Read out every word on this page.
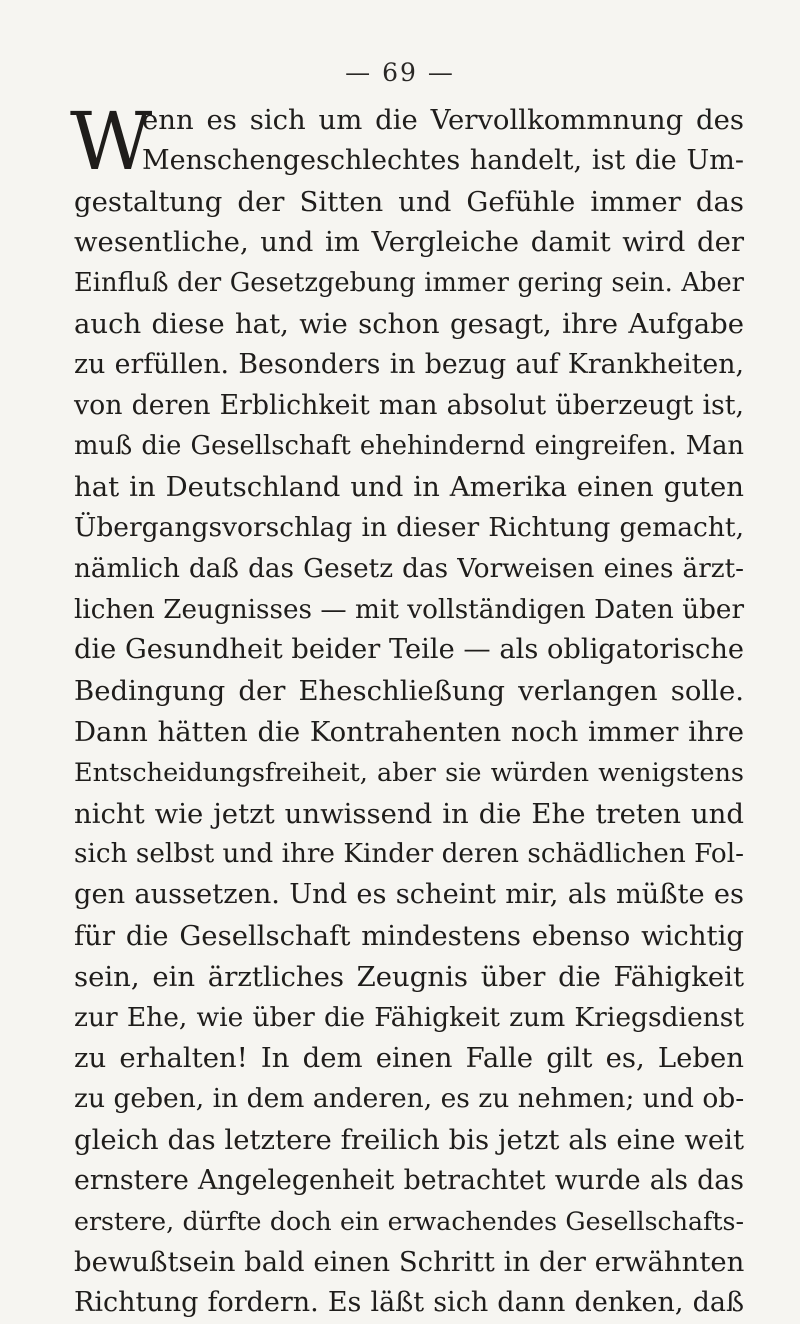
— 69 —
W
enn es sich um die Vervollkommnung des
Menschengeschlechtes handelt, ist die Um-
gestaltung der Sitten und Gefühle immer das
wesentliche, und im Vergleiche damit wird der
Einfluß der Gesetzgebung immer gering sein. Aber
auch diese hat, wie schon gesagt, ihre Aufgabe
zu erfüllen. Besonders in bezug auf Krankheiten,
von deren Erblichkeit man absolut überzeugt ist,
muß die Gesellschaft ehehindernd eingreifen. Man
hat in Deutschland und in Amerika einen guten
Übergangsvorschlag in dieser Richtung gemacht,
nämlich daß das Gesetz das Vorweisen eines ärzt-
lichen Zeugnisses — mit vollständigen Daten über
die Gesundheit beider Teile — als obligatorische
Bedingung der Eheschließung verlangen solle.
Dann hätten die Kontrahenten noch immer ihre
Entscheidungsfreiheit, aber sie würden wenigstens
nicht wie jetzt unwissend in die Ehe treten und
sich selbst und ihre Kinder deren schädlichen Fol-
gen aussetzen. Und es scheint mir, als müßte es
für die Gesellschaft mindestens ebenso wichtig
sein, ein ärztliches Zeugnis über die Fähigkeit
zur Ehe, wie über die Fähigkeit zum Kriegsdienst
zu erhalten! In dem einen Falle gilt es, Leben
zu geben, in dem anderen, es zu nehmen; und ob-
gleich das letztere freilich bis jetzt als eine weit
ernstere Angelegenheit betrachtet wurde als das
erstere, dürfte doch ein erwachendes Gesellschafts-
bewußtsein bald einen Schritt in der erwähnten
Richtung fordern. Es läßt sich dann denken, daß
